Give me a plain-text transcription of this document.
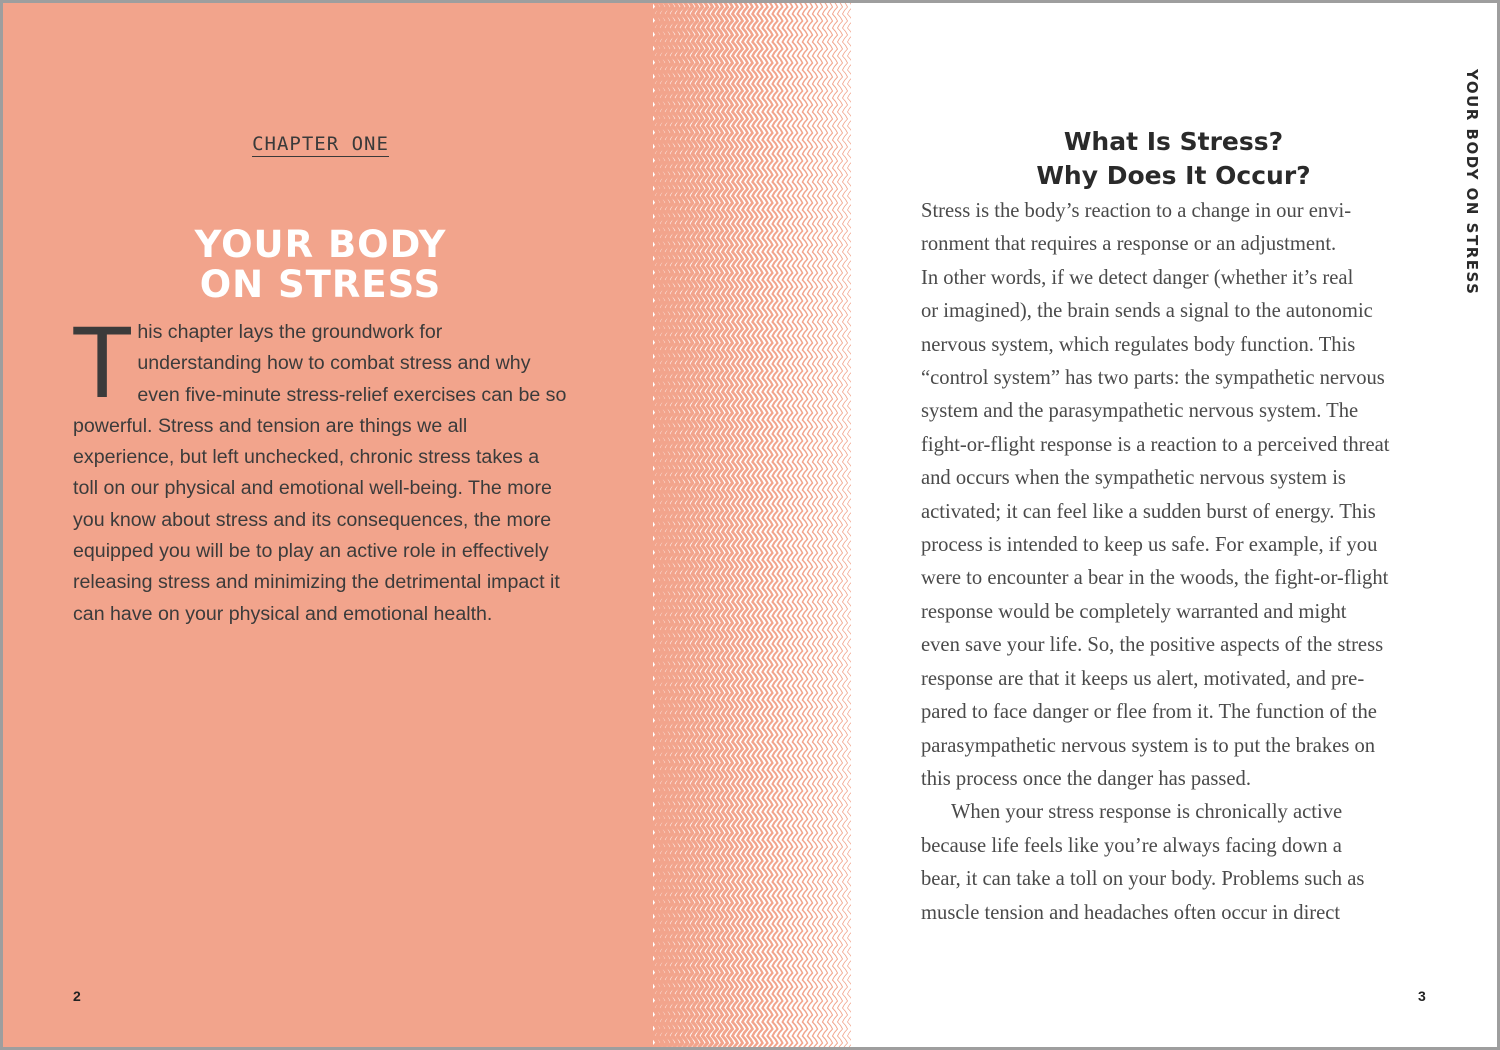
CHAPTER ONE
YOUR BODY
ON STRESS

This chapter lays the groundwork for understanding how to combat stress and why even five-minute stress-relief exercises can be so powerful. Stress and tension are things we all experience, but left unchecked, chronic stress takes a toll on our physical and emotional well-being. The more you know about stress and its consequences, the more equipped you will be to play an active role in effectively releasing stress and minimizing the detrimental impact it can have on your physical and emotional health.

2
What Is Stress?
Why Does It Occur?

Stress is the body’s reaction to a change in our envi-
ronment that requires a response or an adjustment.
In other words, if we detect danger (whether it’s real
or imagined), the brain sends a signal to the autonomic
nervous system, which regulates body function. This
“control system” has two parts: the sympathetic nervous
system and the parasympathetic nervous system. The
fight-or-flight response is a reaction to a perceived threat
and occurs when the sympathetic nervous system is
activated; it can feel like a sudden burst of energy. This
process is intended to keep us safe. For example, if you
were to encounter a bear in the woods, the fight-or-flight
response would be completely warranted and might
even save your life. So, the positive aspects of the stress
response are that it keeps us alert, motivated, and pre-
pared to face danger or flee from it. The function of the
parasympathetic nervous system is to put the brakes on
this process once the danger has passed.

When your stress response is chronically active
because life feels like you’re always facing down a
bear, it can take a toll on your body. Problems such as
muscle tension and headaches often occur in direct

YOUR BODY ON STRESS
3
